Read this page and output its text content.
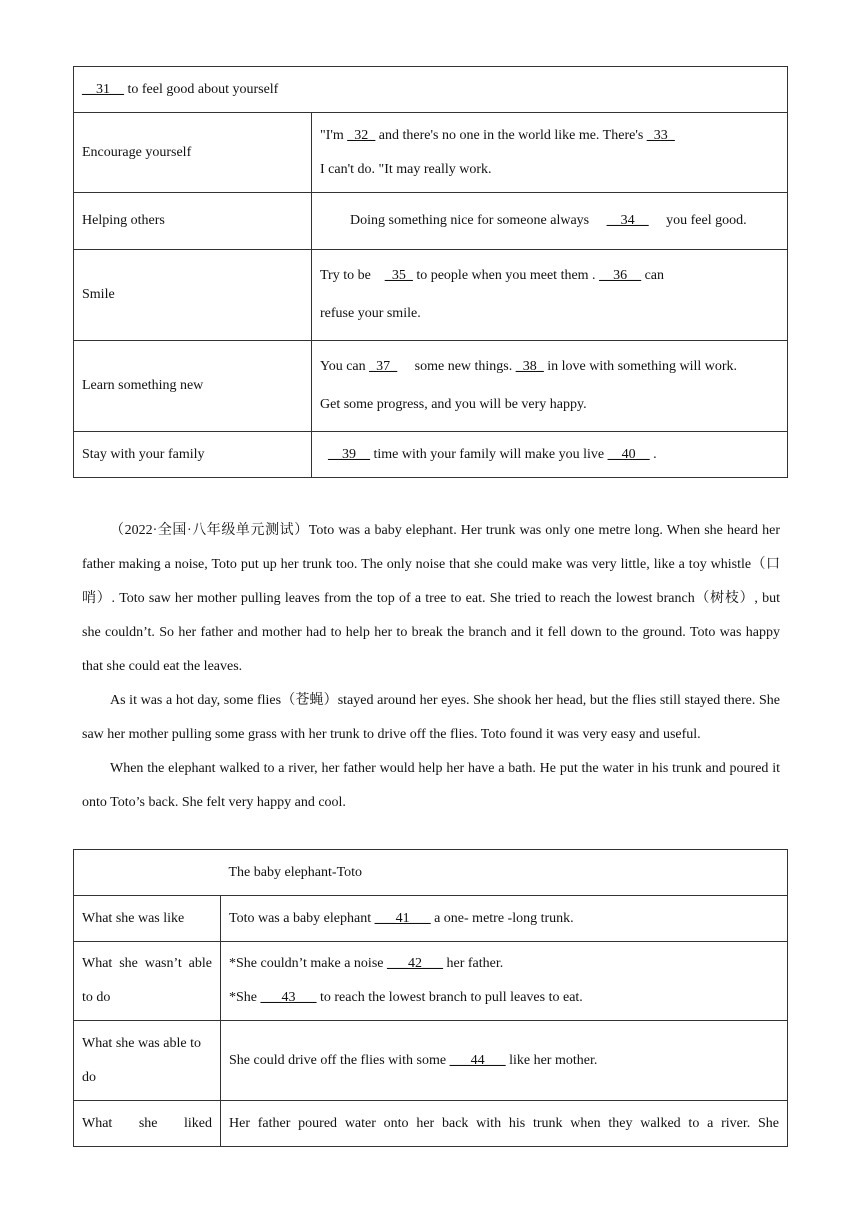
__31__ to feel good about yourself	
Encourage yourself	"I'm _32_ and there's no one in the world like me. There's _33_
I can't do. "It may really work.

Helping others	Doing something nice for someone always     __34__     you feel good.
Smile	Try to be    _35_ to people when you meet them . __36__ can
refuse your smile.

Learn something new	You can _37_     some new things. _38_ in love with something will work.
Get some progress, and you will be very happy.

Stay with your family	__39__ time with your family will make you live __40__ .

（2022·全国·八年级单元测试）Toto was a baby elephant. Her trunk was only one metre long. When she heard her father making a noise, Toto put up her trunk too. The only noise that she could make was very little, like a toy whistle（口哨）. Toto saw her mother pulling leaves from the top of a tree to eat. She tried to reach the lowest branch（树枝）, but she couldn’t. So her father and mother had to help her to break the branch and it fell down to the ground. Toto was happy that she could eat the leaves.

As it was a hot day, some flies（苍蝇）stayed around her eyes. She shook her head, but the flies still stayed there. She saw her mother pulling some grass with her trunk to drive off the flies. Toto found it was very easy and useful.

When the elephant walked to a river, her father would help her have a bath. He put the water in his trunk and poured it onto Toto’s back. She felt very happy and cool.

	The baby elephant-Toto
What she was like	Toto was a baby elephant ___41___ a one- metre -long trunk.
What she wasn’t able to do	*She couldn’t make a noise ___42___ her father.
*She ___43___ to reach the lowest branch to pull leaves to eat.

What she was able to do	She could drive off the flies with some ___44___ like her mother.
What she liked	Her father poured water onto her back with his trunk when they walked to a river. She
